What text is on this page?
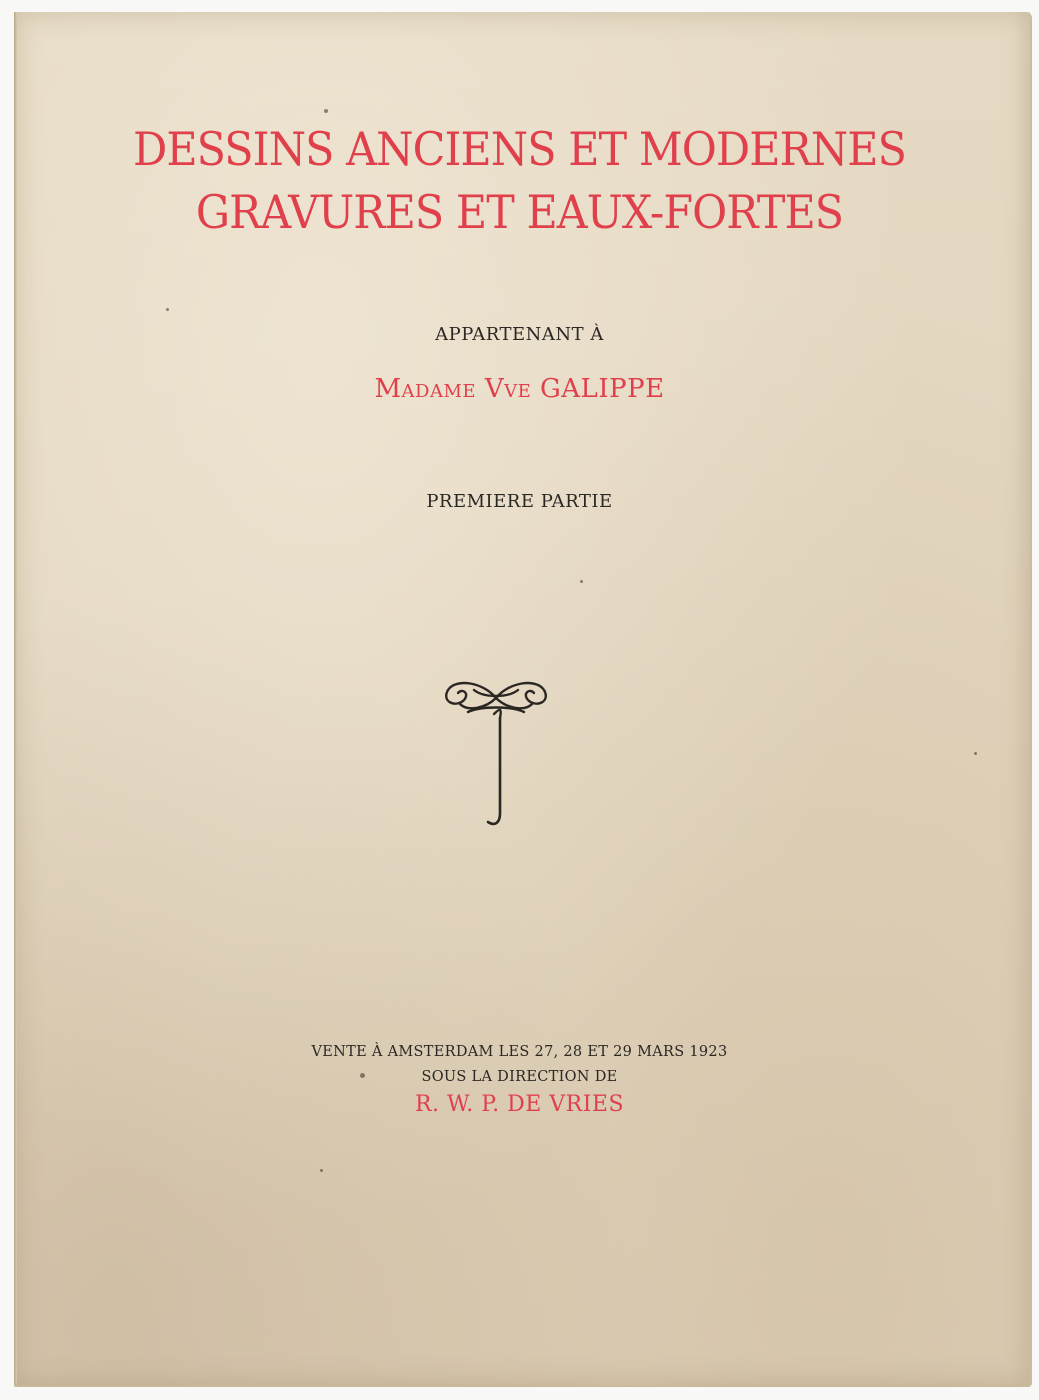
DESSINS ANCIENS ET MODERNES
GRAVURES ET EAUX-FORTES
APPARTENANT À
Madame Vve GALIPPE
PREMIERE PARTIE
VENTE À AMSTERDAM LES 27, 28 ET 29 MARS 1923
SOUS LA DIRECTION DE
R. W. P. DE VRIES
